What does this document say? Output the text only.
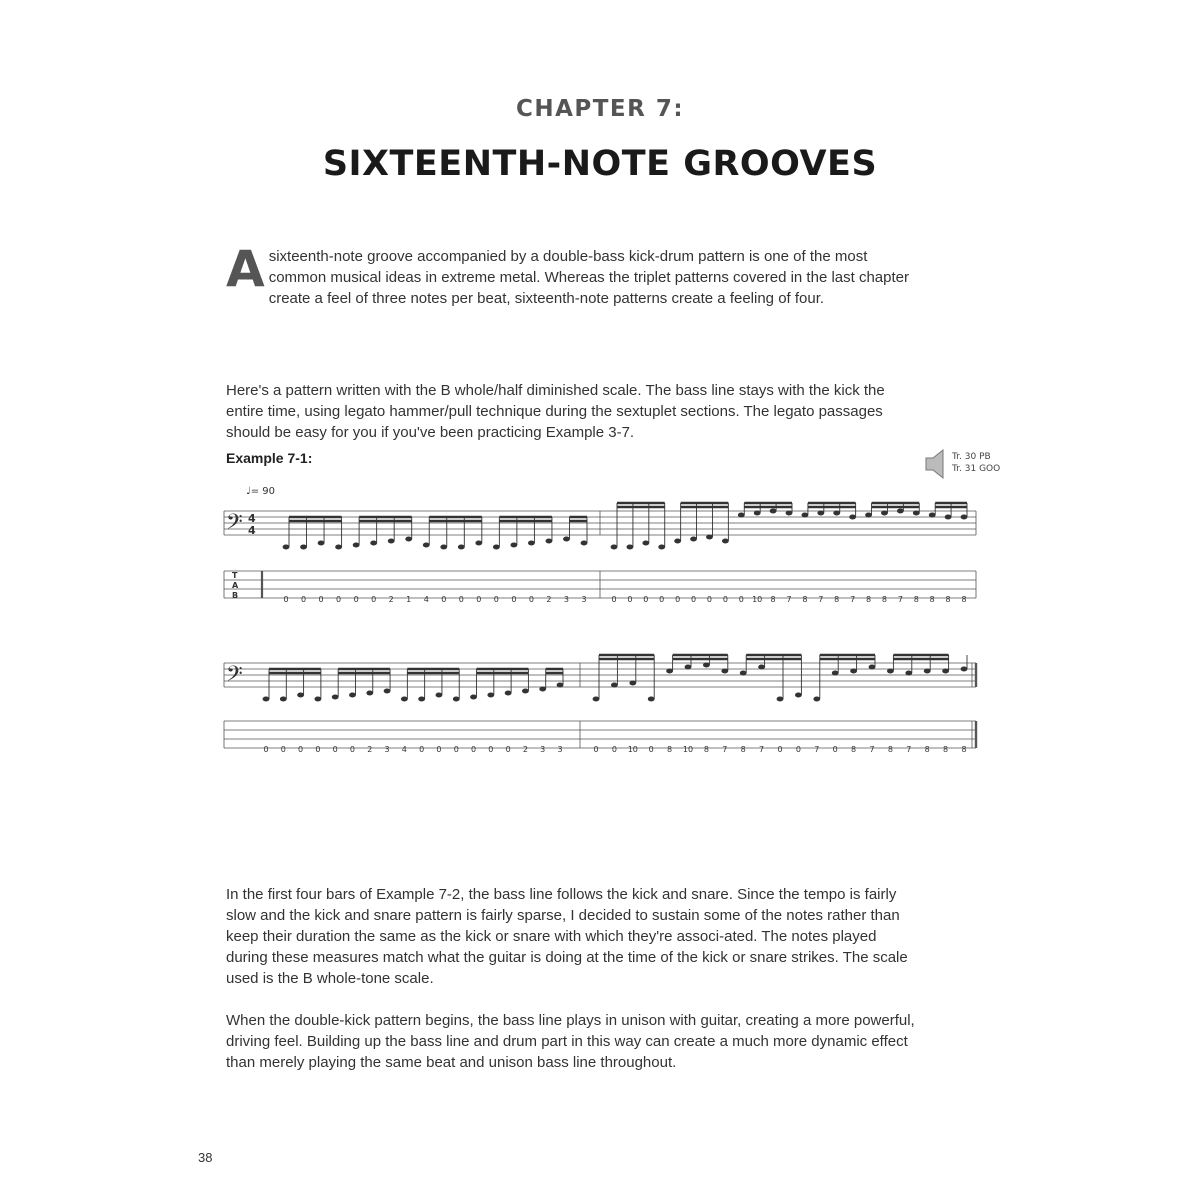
CHAPTER 7:
SIXTEENTH-NOTE GROOVES
A sixteenth-note groove accompanied by a double-bass kick-drum pattern is one of the most common musical ideas in extreme metal. Whereas the triplet patterns covered in the last chapter create a feel of three notes per beat, sixteenth-note patterns create a feeling of four.
Here's a pattern written with the B whole/half diminished scale. The bass line stays with the kick the entire time, using legato hammer/pull technique during the sextuplet sections. The legato passages should be easy for you if you've been practicing Example 3-7.
Example 7-1:	Tr. 30 PB
Tr. 31 GOO
♩= 90
𝄢 4
4
T
A
B	0 0 0 0 0 0 2 1 4 0 0 0 0 0 0 2 3 3	0 0 0 0 0 0 0 0 0 10 8 7 8 7 8 7 8 8 7 8 8 8 8
𝄢
0 0 0 0 0 0 2 3 4 0 0 0 0 0 0 2 3 3	0 0 10 0 8 10 8 7 8 7 0 0 7 0 8 7 8 7 8 8 8
In the first four bars of Example 7-2, the bass line follows the kick and snare. Since the tempo is fairly slow and the kick and snare pattern is fairly sparse, I decided to sustain some of the notes rather than keep their duration the same as the kick or snare with which they're associ-ated. The notes played during these measures match what the guitar is doing at the time of the kick or snare strikes. The scale used is the B whole-tone scale.
When the double-kick pattern begins, the bass line plays in unison with guitar, creating a more powerful, driving feel. Building up the bass line and drum part in this way can create a much more dynamic effect than merely playing the same beat and unison bass line throughout.
38
